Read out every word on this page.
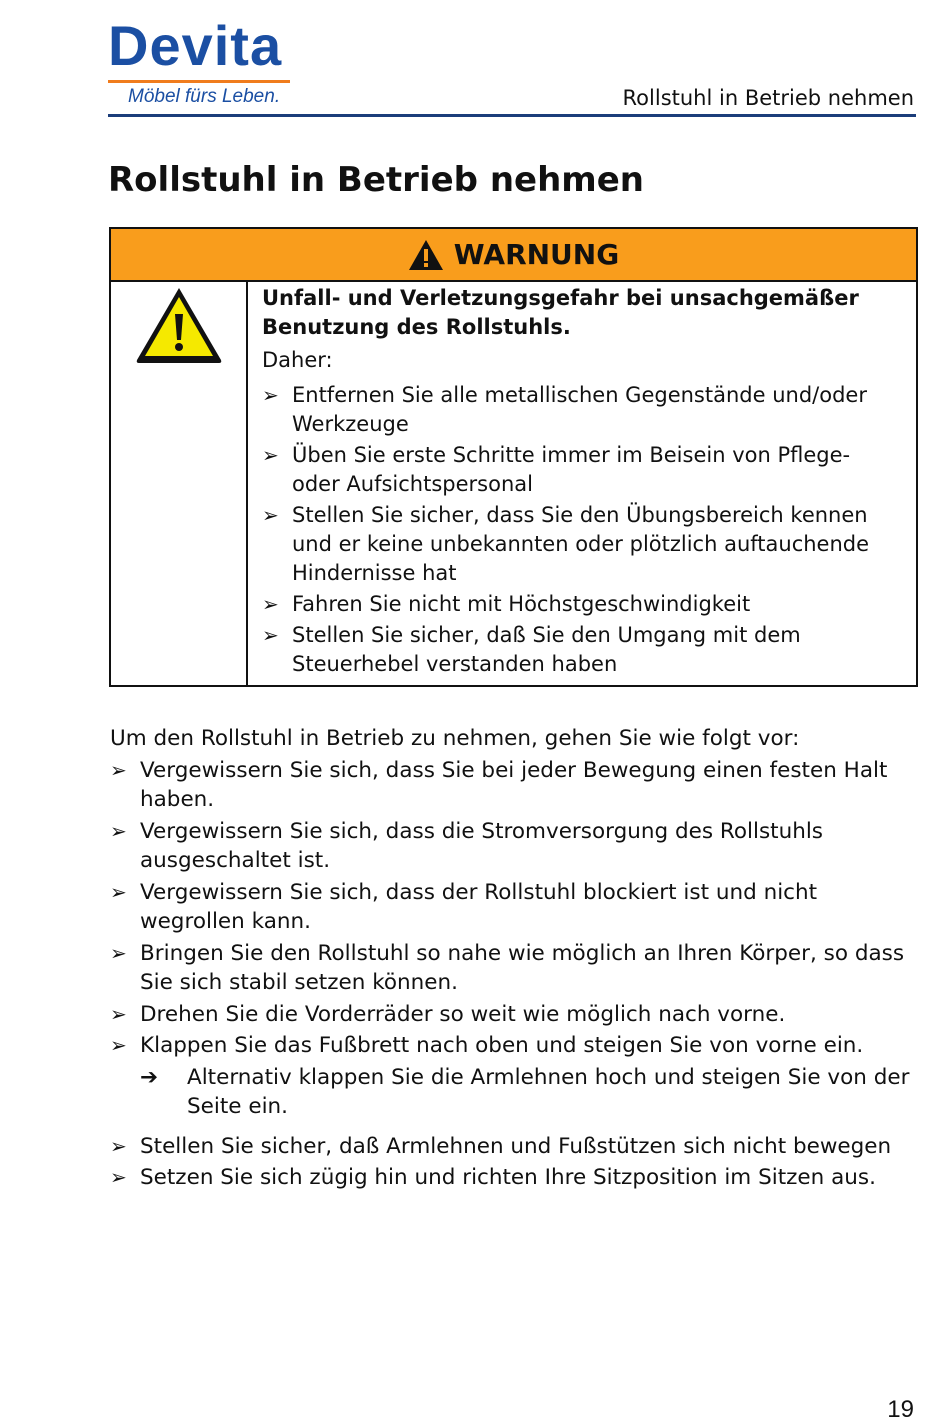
Devita
Möbel fürs Leben.	Rollstuhl in Betrieb nehmen
Rollstuhl in Betrieb nehmen
WARNUNG

Unfall- und Verletzungsgefahr bei unsachgemäßer Benutzung des Rollstuhls.

Daher:

➢ Entfernen Sie alle metallischen Gegenstände und/oder Werkzeuge
➢ Üben Sie erste Schritte immer im Beisein von Pflege- oder Aufsichtspersonal
➢ Stellen Sie sicher, dass Sie den Übungsbereich kennen und er keine unbekannten oder plötzlich auftauchende Hindernisse hat
➢ Fahren Sie nicht mit Höchstgeschwindigkeit
➢ Stellen Sie sicher, daß Sie den Umgang mit dem Steuerhebel verstanden haben

Um den Rollstuhl in Betrieb zu nehmen, gehen Sie wie folgt vor:

➢ Vergewissern Sie sich, dass Sie bei jeder Bewegung einen festen Halt haben.
➢ Vergewissern Sie sich, dass die Stromversorgung des Rollstuhls ausgeschaltet ist.
➢ Vergewissern Sie sich, dass der Rollstuhl blockiert ist und nicht wegrollen kann.
➢ Bringen Sie den Rollstuhl so nahe wie möglich an Ihren Körper, so dass Sie sich stabil setzen können.
➢ Drehen Sie die Vorderräder so weit wie möglich nach vorne.
➢ Klappen Sie das Fußbrett nach oben und steigen Sie von vorne ein.
➔ Alternativ klappen Sie die Armlehnen hoch und steigen Sie von der Seite ein.
➢ Stellen Sie sicher, daß Armlehnen und Fußstützen sich nicht bewegen
➢ Setzen Sie sich zügig hin und richten Ihre Sitzposition im Sitzen aus.
19
